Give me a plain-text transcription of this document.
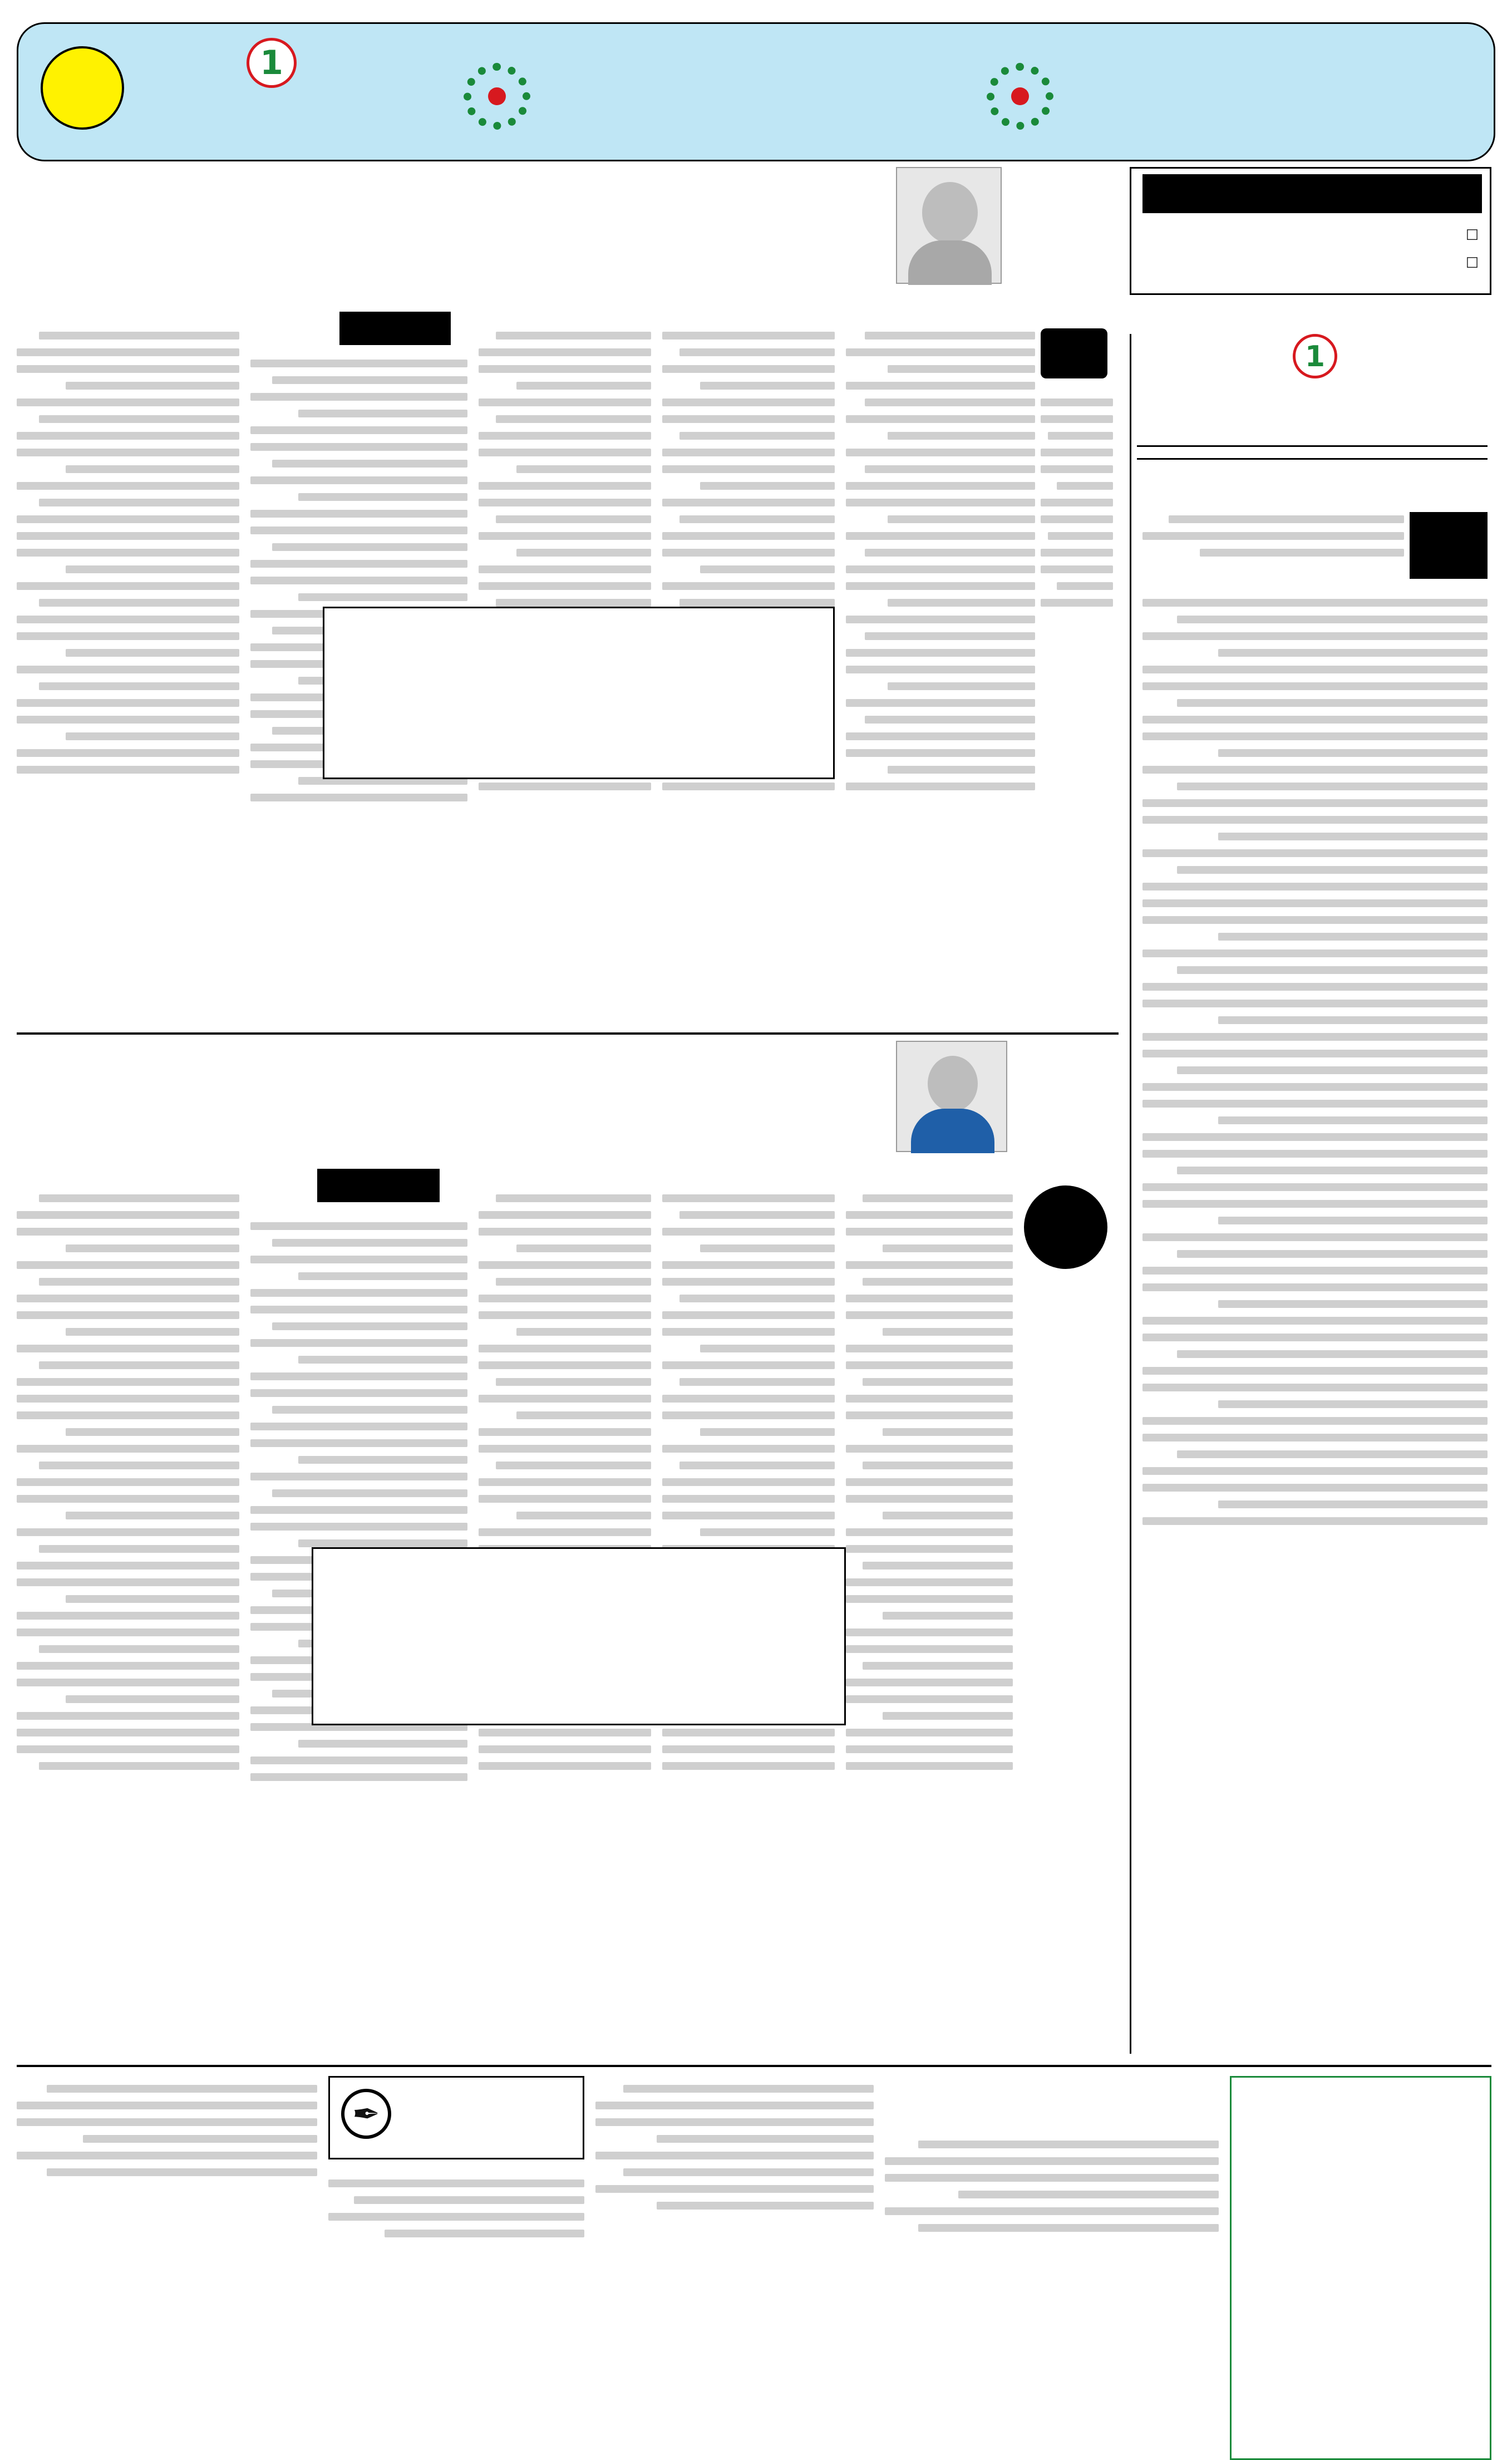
1
☐
☐
1
✒
